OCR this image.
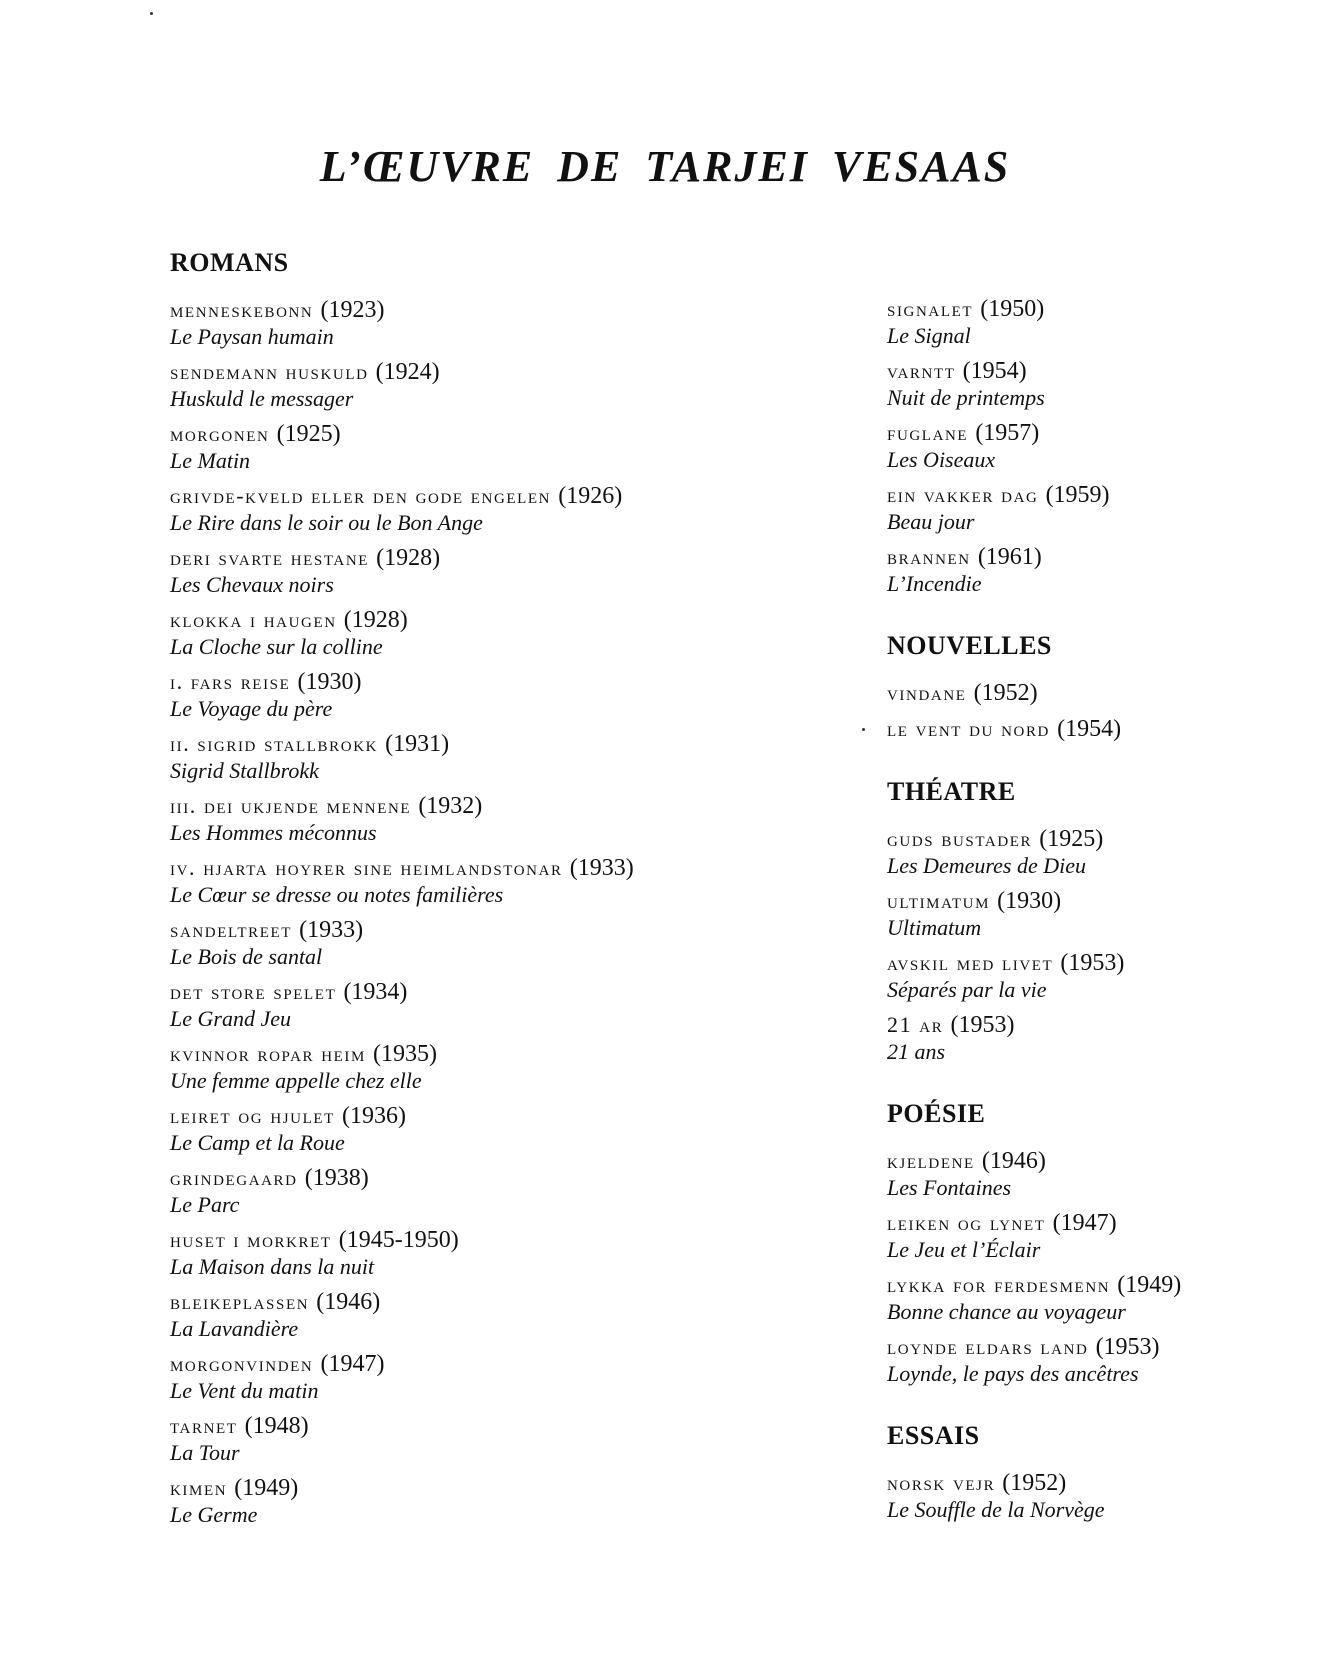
L’ŒUVRE DE TARJEI VESAAS
ROMANS
menneskebonn (1923)
Le Paysan humain
sendemann huskuld (1924)
Huskuld le messager
morgonen (1925)
Le Matin
grivde-kveld eller den gode engelen (1926)
Le Rire dans le soir ou le Bon Ange
deri svarte hestane (1928)
Les Chevaux noirs
klokka i haugen (1928)
La Cloche sur la colline
i. fars reise (1930)
Le Voyage du père
ii. sigrid stallbrokk (1931)
Sigrid Stallbrokk
iii. dei ukjende mennene (1932)
Les Hommes méconnus
iv. hjarta hoyrer sine heimlandstonar (1933)
Le Cœur se dresse ou notes familières
sandeltreet (1933)
Le Bois de santal
det store spelet (1934)
Le Grand Jeu
kvinnor ropar heim (1935)
Une femme appelle chez elle
leiret og hjulet (1936)
Le Camp et la Roue
grindegaard (1938)
Le Parc
huset i morkret (1945-1950)
La Maison dans la nuit
bleikeplassen (1946)
La Lavandière
morgonvinden (1947)
Le Vent du matin
tarnet (1948)
La Tour
kimen (1949)
Le Germe
signalet (1950)
Le Signal
varntt (1954)
Nuit de printemps
fuglane (1957)
Les Oiseaux
ein vakker dag (1959)
Beau jour
brannen (1961)
L’Incendie
NOUVELLES
vindane (1952)
le vent du nord (1954)
THÉATRE
guds bustader (1925)
Les Demeures de Dieu
ultimatum (1930)
Ultimatum
avskil med livet (1953)
Séparés par la vie
21 ar (1953)
21 ans
POÉSIE
kjeldene (1946)
Les Fontaines
leiken og lynet (1947)
Le Jeu et l’Éclair
lykka for ferdesmenn (1949)
Bonne chance au voyageur
loynde eldars land (1953)
Loynde, le pays des ancêtres
ESSAIS
norsk vejr (1952)
Le Souffle de la Norvège
